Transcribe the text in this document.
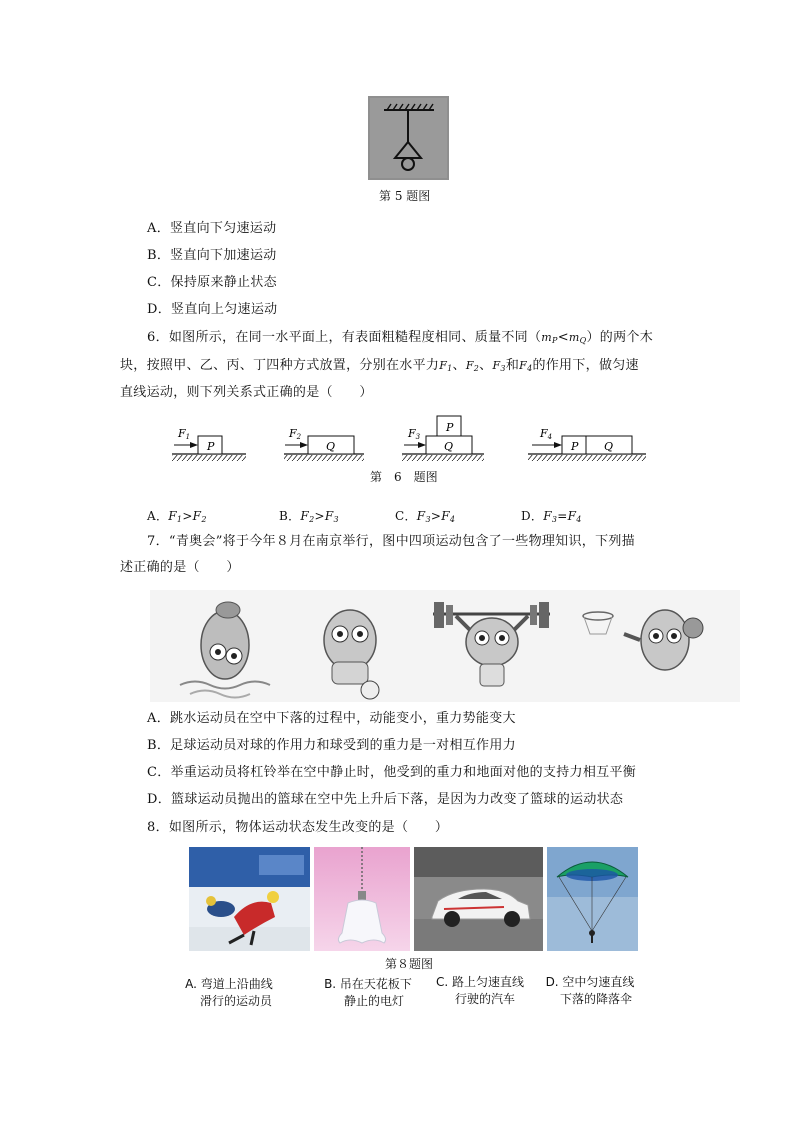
第 5 题图
A．竖直向下匀速运动
B．竖直向下加速运动
C．保持原来静止状态
D．竖直向上匀速运动
6．如图所示，在同一水平面上，有表面粗糙程度相同、质量不同$(m_P<m_Q)$的两个木
块，按照甲、乙、丙、丁四种方式放置，分别在水平力$F_1$、$F_2$、$F_3$和$F_4$的作用下，做匀速
直线运动，则下列关系式正确的是（　　）
P
F1
Q
F2
Q
P
F3
P Q
F4
第　6　题图
A．$F_1>F_2$	B．$F_2>F_3$	C．$F_3>F_4$	D．$F_3=F_4$
7．“青奥会”将于今年８月在南京举行，图中四项运动包含了一些物理知识，下列描
述正确的是（　　）
A．跳水运动员在空中下落的过程中，动能变小，重力势能变大
B．足球运动员对球的作用力和球受到的重力是一对相互作用力
C．举重运动员将杠铃举在空中静止时，他受到的重力和地面对他的支持力相互平衡
D．篮球运动员抛出的篮球在空中先上升后下落，是因为力改变了篮球的运动状态
8．如图所示，物体运动状态发生改变的是（　　）
第８题图
A. 弯道上沿曲线
滑行的运动员
B. 吊在天花板下
静止的电灯
C. 路上匀速直线
行驶的汽车
D. 空中匀速直线
下落的降落伞
